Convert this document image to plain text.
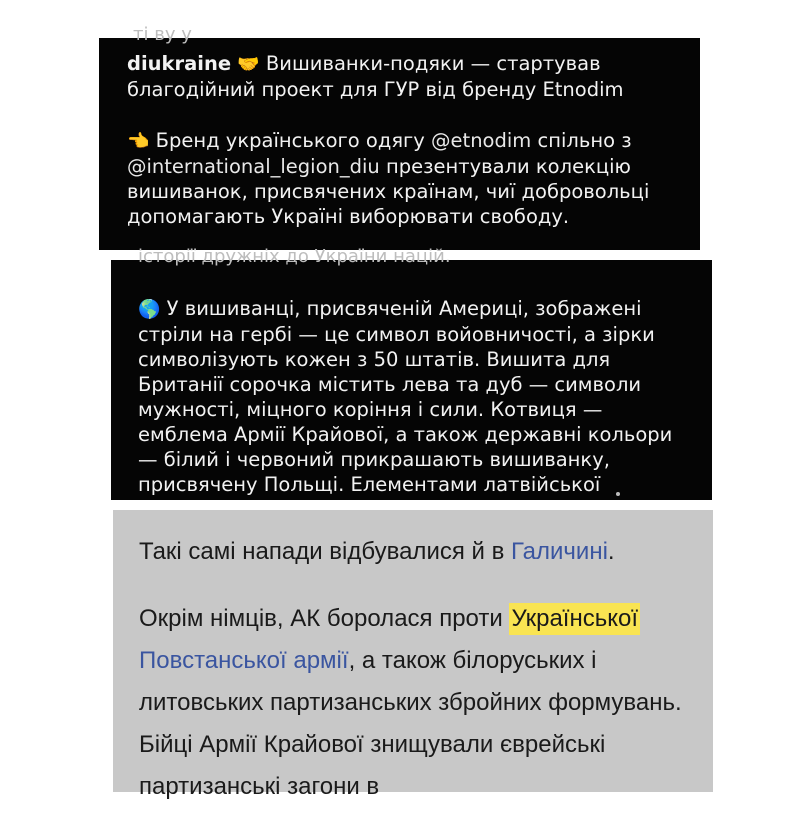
ті ву у

diukraine 🤝 Вишиванки-подяки — стартував благодійний проект для ГУР від бренду Etnodim

👈 Бренд українського одягу @etnodim спільно з @international_legion_diu презентували колекцію вишиванок, присвячених країнам, чиї добровольці допомагають Україні виборювати свободу.

історії дружніх до України націй.

🌎 У вишиванці, присвяченій Америці, зображені стріли на гербі — це символ войовничості, а зірки символізують кожен з 50 штатів. Вишита для Британії сорочка містить лева та дуб — символи мужності, міцного коріння і сили. Котвиця — емблема Армії Крайової, а також державні кольори — білий і червоний прикрашають вишиванку, присвячену Польщі. Елементами латвійської

Такі самі напади відбувалися й в Галичині.

Окрім німців, АК боролася проти Української Повстанської армії, а також білоруських і литовських партизанських збройних формувань. Бійці Армії Крайової знищували єврейські партизанські загони в
